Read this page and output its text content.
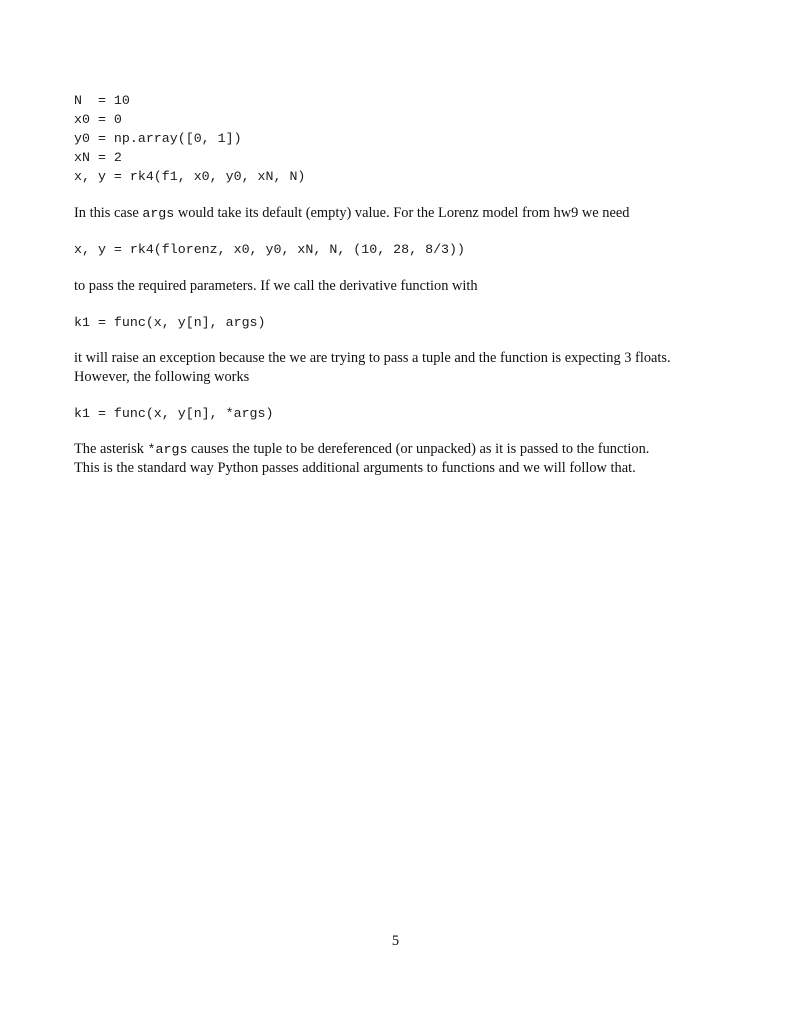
N  = 10
x0 = 0
y0 = np.array([0, 1])
xN = 2
x, y = rk4(f1, x0, y0, xN, N)

In this case args would take its default (empty) value. For the Lorenz model from hw9 we need

x, y = rk4(florenz, x0, y0, xN, N, (10, 28, 8/3))

to pass the required parameters. If we call the derivative function with

k1 = func(x, y[n], args)

it will raise an exception because the we are trying to pass a tuple and the function is expecting 3 floats.
However, the following works

k1 = func(x, y[n], *args)

The asterisk *args causes the tuple to be dereferenced (or unpacked) as it is passed to the function.
This is the standard way Python passes additional arguments to functions and we will follow that.

5
